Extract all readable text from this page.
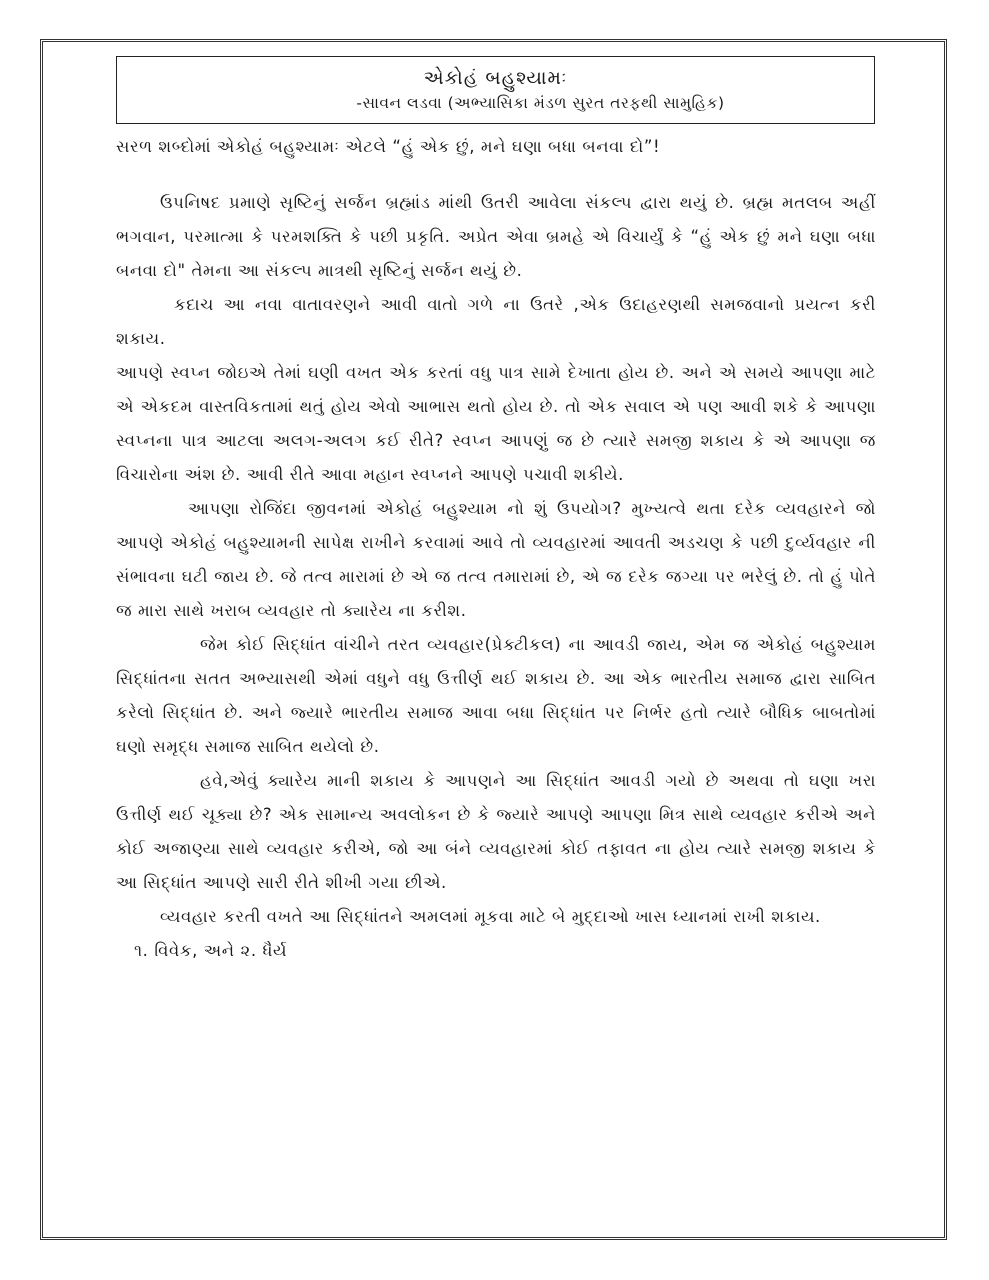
એકોહં બહુશ્યામઃ
-સાવન લડવા (અભ્યાસિકા મંડળ સુરત તરફથી સામુહિક)

સરળ શબ્દોમાં એકોહં બહુશ્યામઃ એટલે “હું એક છું, મને ઘણા બધા બનવા દો”!

ઉપનિષદ પ્રમાણે સૃષ્ટિનું સર્જન બ્રહ્માંડ માંથી ઉતરી આવેલા સંકલ્પ દ્વારા થયું છે. બ્રહ્મ મતલબ અહીં ભગવાન, પરમાત્મા કે પરમશક્તિ કે પછી પ્રકૃતિ. અપ્રેત એવા બ્રમહે એ વિચાર્યું કે “હું એક છું મને ઘણા બધા બનવા દો" તેમના આ સંકલ્પ માત્રથી સૃષ્ટિનું સર્જન થયું છે.

કદાચ આ નવા વાતાવરણને આવી વાતો ગળે ના ઉતરે ,એક ઉદાહરણથી સમજવાનો પ્રયત્ન કરી શકાય.

આપણે સ્વપ્ન જોઇએ તેમાં ઘણી વખત એક કરતાં વધુ પાત્ર સામે દેખાતા હોય છે. અને એ સમયે આપણા માટે એ એકદમ વાસ્તવિકતામાં થતું હોય એવો આભાસ થતો હોય છે. તો એક સવાલ એ પણ આવી શકે કે આપણા સ્વપ્નના પાત્ર આટલા અલગ-અલગ કઈ રીતે? સ્વપ્ન આપણું જ છે ત્યારે સમજી શકાય કે એ આપણા જ વિચારોના અંશ છે. આવી રીતે આવા મહાન સ્વપ્નને આપણે પચાવી શકીયે.

આપણા રોજિંદા જીવનમાં એકોહં બહુશ્યામ નો શું ઉપયોગ? મુખ્યત્વે થતા દરેક વ્યવહારને જો આપણે એકોહં બહુશ્યામની સાપેક્ષ રાખીને કરવામાં આવે તો વ્યવહારમાં આવતી અડચણ કે પછી દુર્વ્યવહાર ની સંભાવના ઘટી જાય છે. જે તત્વ મારામાં છે એ જ તત્વ તમારામાં છે, એ જ દરેક જગ્યા પર ભરેલું છે. તો હું પોતે જ મારા સાથે ખરાબ વ્યવહાર તો ક્યારેય ના કરીશ.

જેમ કોઈ સિદ્ધાંત વાંચીને તરત વ્યવહાર(પ્રેક્ટીકલ) ના આવડી જાય, એમ જ એકોહં બહુશ્યામ સિદ્ધાંતના સતત અભ્યાસથી એમાં વધુને વધુ ઉત્તીર્ણ થઈ શકાય છે. આ એક ભારતીય સમાજ દ્વારા સાબિત કરેલો સિદ્ધાંત છે. અને જ્યારે ભારતીય સમાજ આવા બધા સિદ્ધાંત પર નિર્ભર હતો ત્યારે બૌધિક બાબતોમાં ઘણો સમૃદ્ધ સમાજ સાબિત થયેલો છે.

હવે,એવું ક્યારેય માની શકાય કે આપણને આ સિદ્ધાંત આવડી ગયો છે અથવા તો ઘણા ખરા ઉત્તીર્ણ થઈ ચૂક્યા છે? એક સામાન્ય અવલોકન છે કે જ્યારે આપણે આપણા મિત્ર સાથે વ્યવહાર કરીએ અને કોઈ અજાણ્યા સાથે વ્યવહાર કરીએ, જો આ બંને વ્યવહારમાં કોઈ તફાવત ના હોય ત્યારે સમજી શકાય કે આ સિદ્ધાંત આપણે સારી રીતે શીખી ગયા છીએ.

વ્યવહાર કરતી વખતે આ સિદ્ધાંતને અમલમાં મૂકવા માટે બે મુદ્દાઓ ખાસ ધ્યાનમાં રાખી શકાય.

૧. વિવેક, અને ૨. ધૈર્ય
